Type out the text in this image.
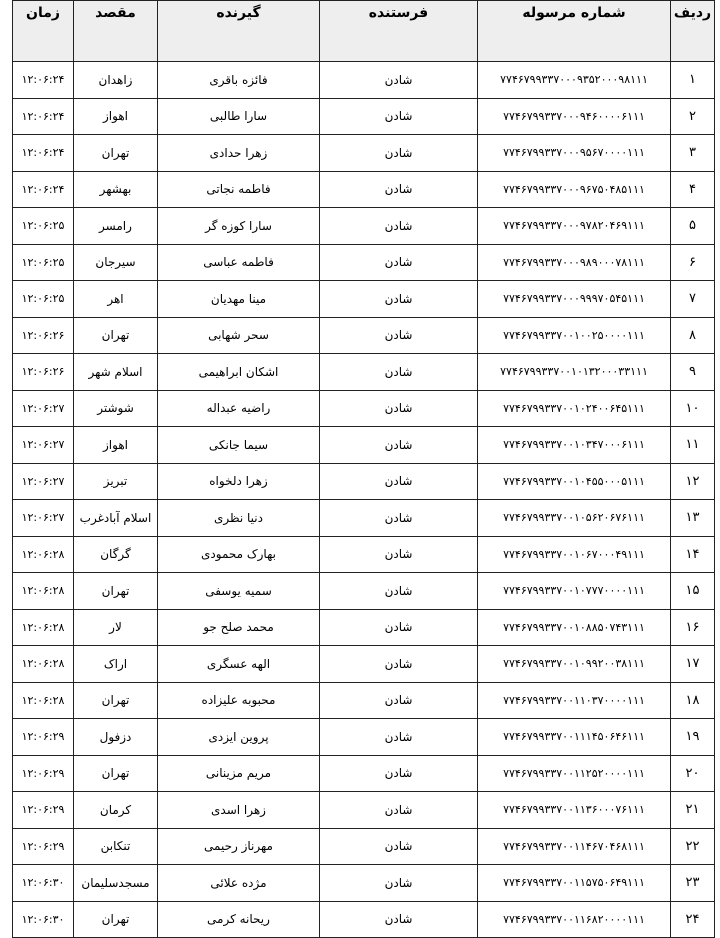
ردیف	شماره مرسوله	فرستنده	گیرنده	مقصد	زمان
۱	۷۷۴۶۷۹۹۳۳۷۰۰۰۹۳۵۲۰۰۰۹۸۱۱۱	شادن	فائزه باقری	زاهدان	۱۲:۰۶:۲۴
۲	۷۷۴۶۷۹۹۳۳۷۰۰۰۹۴۶۰۰۰۰۶۱۱۱	شادن	سارا طالبی	اهواز	۱۲:۰۶:۲۴
۳	۷۷۴۶۷۹۹۳۳۷۰۰۰۹۵۶۷۰۰۰۰۱۱۱	شادن	زهرا حدادی	تهران	۱۲:۰۶:۲۴
۴	۷۷۴۶۷۹۹۳۳۷۰۰۰۹۶۷۵۰۴۸۵۱۱۱	شادن	فاطمه نجاتی	بهشهر	۱۲:۰۶:۲۴
۵	۷۷۴۶۷۹۹۳۳۷۰۰۰۹۷۸۲۰۴۶۹۱۱۱	شادن	سارا کوزه گر	رامسر	۱۲:۰۶:۲۵
۶	۷۷۴۶۷۹۹۳۳۷۰۰۰۹۸۹۰۰۰۷۸۱۱۱	شادن	فاطمه عباسی	سیرجان	۱۲:۰۶:۲۵
۷	۷۷۴۶۷۹۹۳۳۷۰۰۰۹۹۹۷۰۵۴۵۱۱۱	شادن	مینا مهدیان	اهر	۱۲:۰۶:۲۵
۸	۷۷۴۶۷۹۹۳۳۷۰۰۱۰۰۲۵۰۰۰۰۱۱۱	شادن	سحر شهابی	تهران	۱۲:۰۶:۲۶
۹	۷۷۴۶۷۹۹۳۳۷۰۰۱۰۱۳۲۰۰۰۳۳۱۱۱	شادن	اشکان ابراهیمی	اسلام شهر	۱۲:۰۶:۲۶
۱۰	۷۷۴۶۷۹۹۳۳۷۰۰۱۰۲۴۰۰۶۴۵۱۱۱	شادن	راضیه عبداله	شوشتر	۱۲:۰۶:۲۷
۱۱	۷۷۴۶۷۹۹۳۳۷۰۰۱۰۳۴۷۰۰۰۶۱۱۱	شادن	سیما جانکی	اهواز	۱۲:۰۶:۲۷
۱۲	۷۷۴۶۷۹۹۳۳۷۰۰۱۰۴۵۵۰۰۰۵۱۱۱	شادن	زهرا دلخواه	تبریز	۱۲:۰۶:۲۷
۱۳	۷۷۴۶۷۹۹۳۳۷۰۰۱۰۵۶۲۰۶۷۶۱۱۱	شادن	دنیا نظری	اسلام آبادغرب	۱۲:۰۶:۲۷
۱۴	۷۷۴۶۷۹۹۳۳۷۰۰۱۰۶۷۰۰۰۴۹۱۱۱	شادن	بهارک محمودی	گرگان	۱۲:۰۶:۲۸
۱۵	۷۷۴۶۷۹۹۳۳۷۰۰۱۰۷۷۷۰۰۰۰۱۱۱	شادن	سمیه یوسفی	تهران	۱۲:۰۶:۲۸
۱۶	۷۷۴۶۷۹۹۳۳۷۰۰۱۰۸۸۵۰۷۴۳۱۱۱	شادن	محمد صلح جو	لار	۱۲:۰۶:۲۸
۱۷	۷۷۴۶۷۹۹۳۳۷۰۰۱۰۹۹۲۰۰۳۸۱۱۱	شادن	الهه عسگری	اراک	۱۲:۰۶:۲۸
۱۸	۷۷۴۶۷۹۹۳۳۷۰۰۱۱۰۳۷۰۰۰۰۱۱۱	شادن	محبوبه علیزاده	تهران	۱۲:۰۶:۲۸
۱۹	۷۷۴۶۷۹۹۳۳۷۰۰۱۱۱۴۵۰۶۴۶۱۱۱	شادن	پروین ایزدی	دزفول	۱۲:۰۶:۲۹
۲۰	۷۷۴۶۷۹۹۳۳۷۰۰۱۱۲۵۲۰۰۰۰۱۱۱	شادن	مریم مزینانی	تهران	۱۲:۰۶:۲۹
۲۱	۷۷۴۶۷۹۹۳۳۷۰۰۱۱۳۶۰۰۰۷۶۱۱۱	شادن	زهرا اسدی	کرمان	۱۲:۰۶:۲۹
۲۲	۷۷۴۶۷۹۹۳۳۷۰۰۱۱۴۶۷۰۴۶۸۱۱۱	شادن	مهرناز رحیمی	تنکابن	۱۲:۰۶:۲۹
۲۳	۷۷۴۶۷۹۹۳۳۷۰۰۱۱۵۷۵۰۶۴۹۱۱۱	شادن	مژده علائی	مسجدسلیمان	۱۲:۰۶:۳۰
۲۴	۷۷۴۶۷۹۹۳۳۷۰۰۱۱۶۸۲۰۰۰۰۱۱۱	شادن	ریحانه کرمی	تهران	۱۲:۰۶:۳۰
